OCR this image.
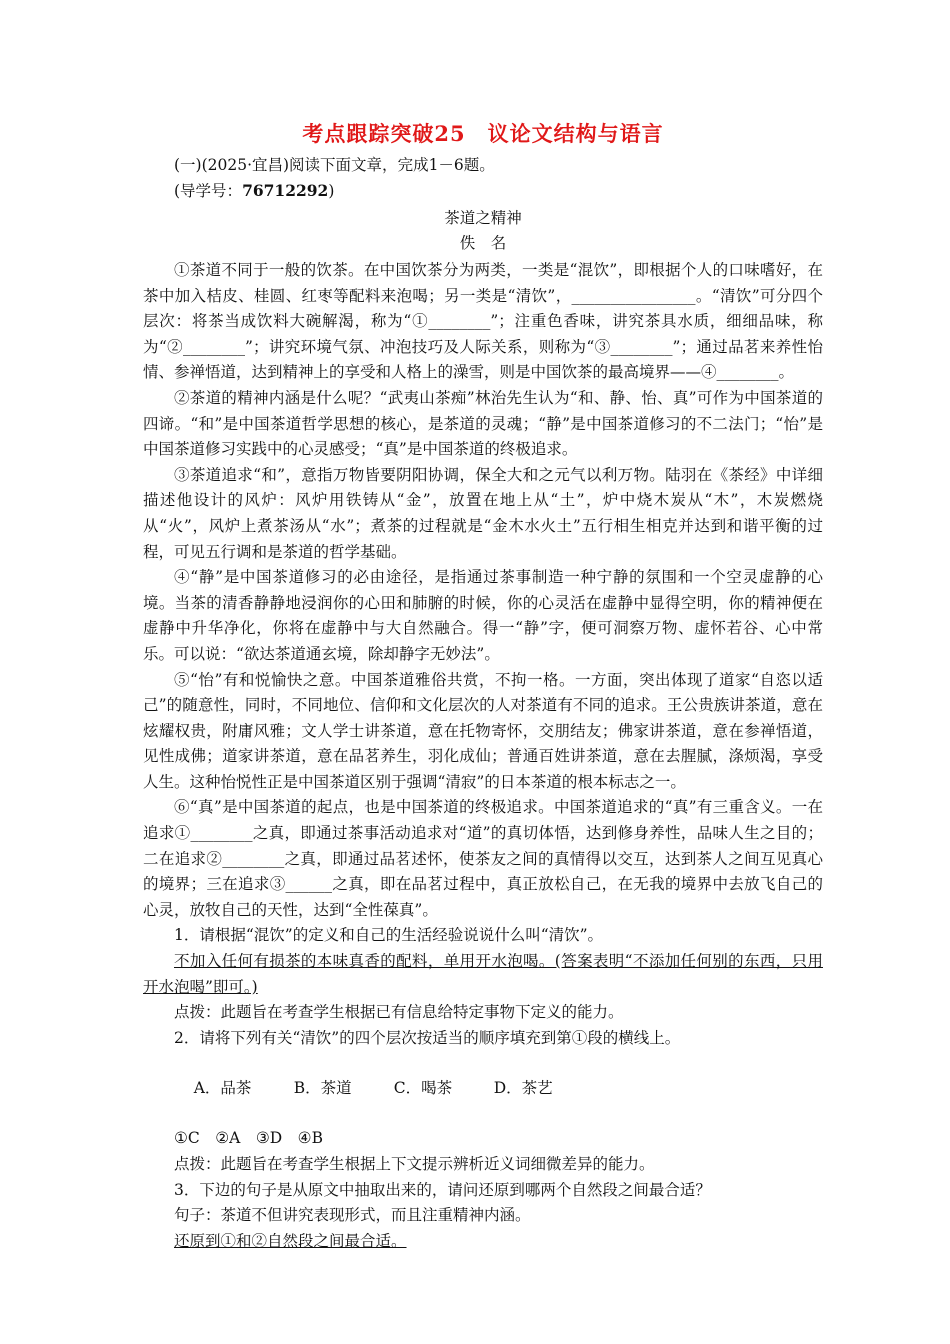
考点跟踪突破25　议论文结构与语言
(一)(2025·宜昌)阅读下面文章，完成1－6题。
(导学号：76712292)
茶道之精神
佚　名

①茶道不同于一般的饮茶。在中国饮茶分为两类，一类是“混饮”，即根据个人的口味嗜好，在茶中加入桔皮、桂圆、红枣等配料来泡喝；另一类是“清饮”，________________。“清饮”可分四个层次：将茶当成饮料大碗解渴，称为“①________”；注重色香味，讲究茶具水质，细细品味，称为“②________”；讲究环境气氛、冲泡技巧及人际关系，则称为“③________”；通过品茗来养性怡情、参禅悟道，达到精神上的享受和人格上的澡雪，则是中国饮茶的最高境界——④________。

②茶道的精神内涵是什么呢？“武夷山茶痴”林治先生认为“和、静、怡、真”可作为中国茶道的四谛。“和”是中国茶道哲学思想的核心，是茶道的灵魂；“静”是中国茶道修习的不二法门；“怡”是中国茶道修习实践中的心灵感受；“真”是中国茶道的终极追求。

③茶道追求“和”，意指万物皆要阴阳协调，保全大和之元气以利万物。陆羽在《茶经》中详细描述他设计的风炉：风炉用铁铸从“金”，放置在地上从“土”，炉中烧木炭从“木”，木炭燃烧从“火”，风炉上煮茶汤从“水”；煮茶的过程就是“金木水火土”五行相生相克并达到和谐平衡的过程，可见五行调和是茶道的哲学基础。

④“静”是中国茶道修习的必由途径，是指通过茶事制造一种宁静的氛围和一个空灵虚静的心境。当茶的清香静静地浸润你的心田和肺腑的时候，你的心灵活在虚静中显得空明，你的精神便在虚静中升华净化，你将在虚静中与大自然融合。得一“静”字，便可洞察万物、虚怀若谷、心中常乐。可以说：“欲达茶道通玄境，除却静字无妙法”。

⑤“怡”有和悦愉快之意。中国茶道雅俗共赏，不拘一格。一方面，突出体现了道家“自恣以适己”的随意性，同时，不同地位、信仰和文化层次的人对茶道有不同的追求。王公贵族讲茶道，意在炫耀权贵，附庸风雅；文人学士讲茶道，意在托物寄怀，交朋结友；佛家讲茶道，意在参禅悟道，见性成佛；道家讲茶道，意在品茗养生，羽化成仙；普通百姓讲茶道，意在去腥腻，涤烦渴，享受人生。这种怡悦性正是中国茶道区别于强调“清寂”的日本茶道的根本标志之一。

⑥“真”是中国茶道的起点，也是中国茶道的终极追求。中国茶道追求的“真”有三重含义。一在追求①________之真，即通过茶事活动追求对“道”的真切体悟，达到修身养性，品味人生之目的；二在追求②________之真，即通过品茗述怀，使茶友之间的真情得以交互，达到茶人之间互见真心的境界；三在追求③______之真，即在品茗过程中，真正放松自己，在无我的境界中去放飞自己的心灵，放牧自己的天性，达到“全性葆真”。

1．请根据“混饮”的定义和自己的生活经验说说什么叫“清饮”。

不加入任何有损茶的本味真香的配料，单用开水泡喝。(答案表明“不添加任何别的东西，只用开水泡喝”即可。)

点拨：此题旨在考查学生根据已有信息给特定事物下定义的能力。

2．请将下列有关“清饮”的四个层次按适当的顺序填充到第①段的横线上。

A．品茶	B．茶道	C．喝茶	D．茶艺

①C　②A　③D　④B

点拨：此题旨在考查学生根据上下文提示辨析近义词细微差异的能力。

3．下边的句子是从原文中抽取出来的，请问还原到哪两个自然段之间最合适？

句子：茶道不但讲究表现形式，而且注重精神内涵。

还原到①和②自然段之间最合适。
